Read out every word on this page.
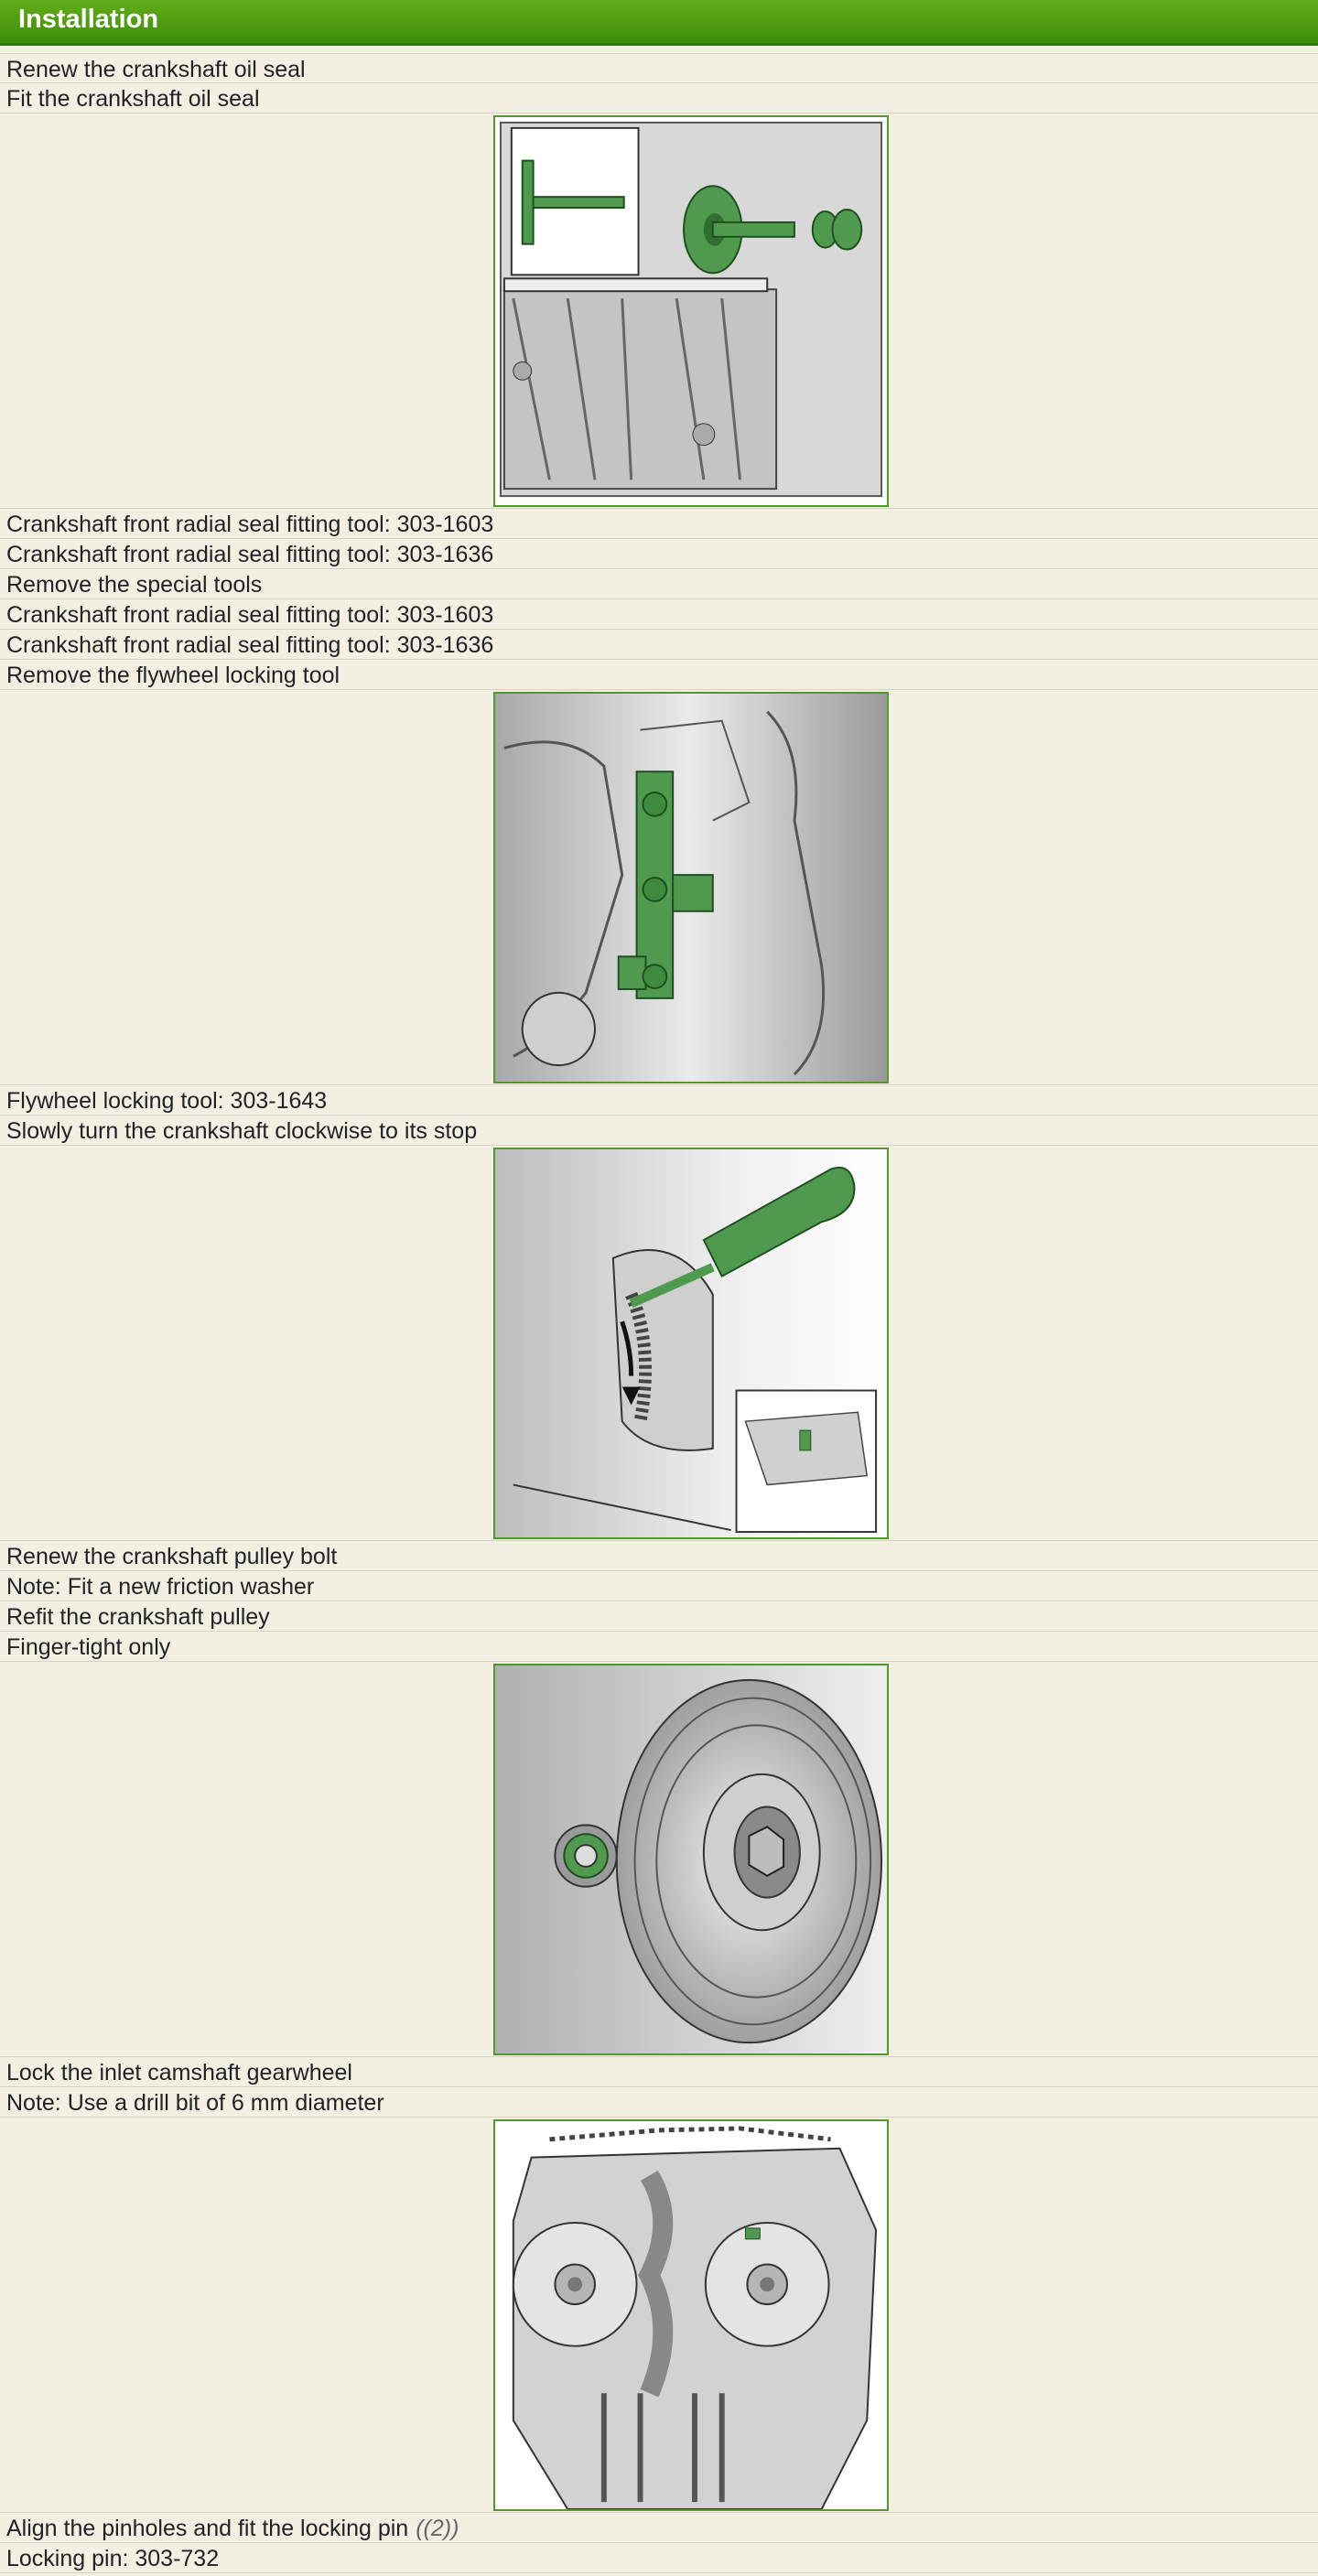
Installation
Renew the crankshaft oil seal
Fit the crankshaft oil seal
Crankshaft front radial seal fitting tool: 303-1603
Crankshaft front radial seal fitting tool: 303-1636
Remove the special tools
Crankshaft front radial seal fitting tool: 303-1603
Crankshaft front radial seal fitting tool: 303-1636
Remove the flywheel locking tool
Flywheel locking tool: 303-1643
Slowly turn the crankshaft clockwise to its stop
Renew the crankshaft pulley bolt
Note: Fit a new friction washer
Refit the crankshaft pulley
Finger-tight only
Lock the inlet camshaft gearwheel
Note: Use a drill bit of 6 mm diameter
Align the pinholes and fit the locking pin ((2))
Locking pin: 303-732
